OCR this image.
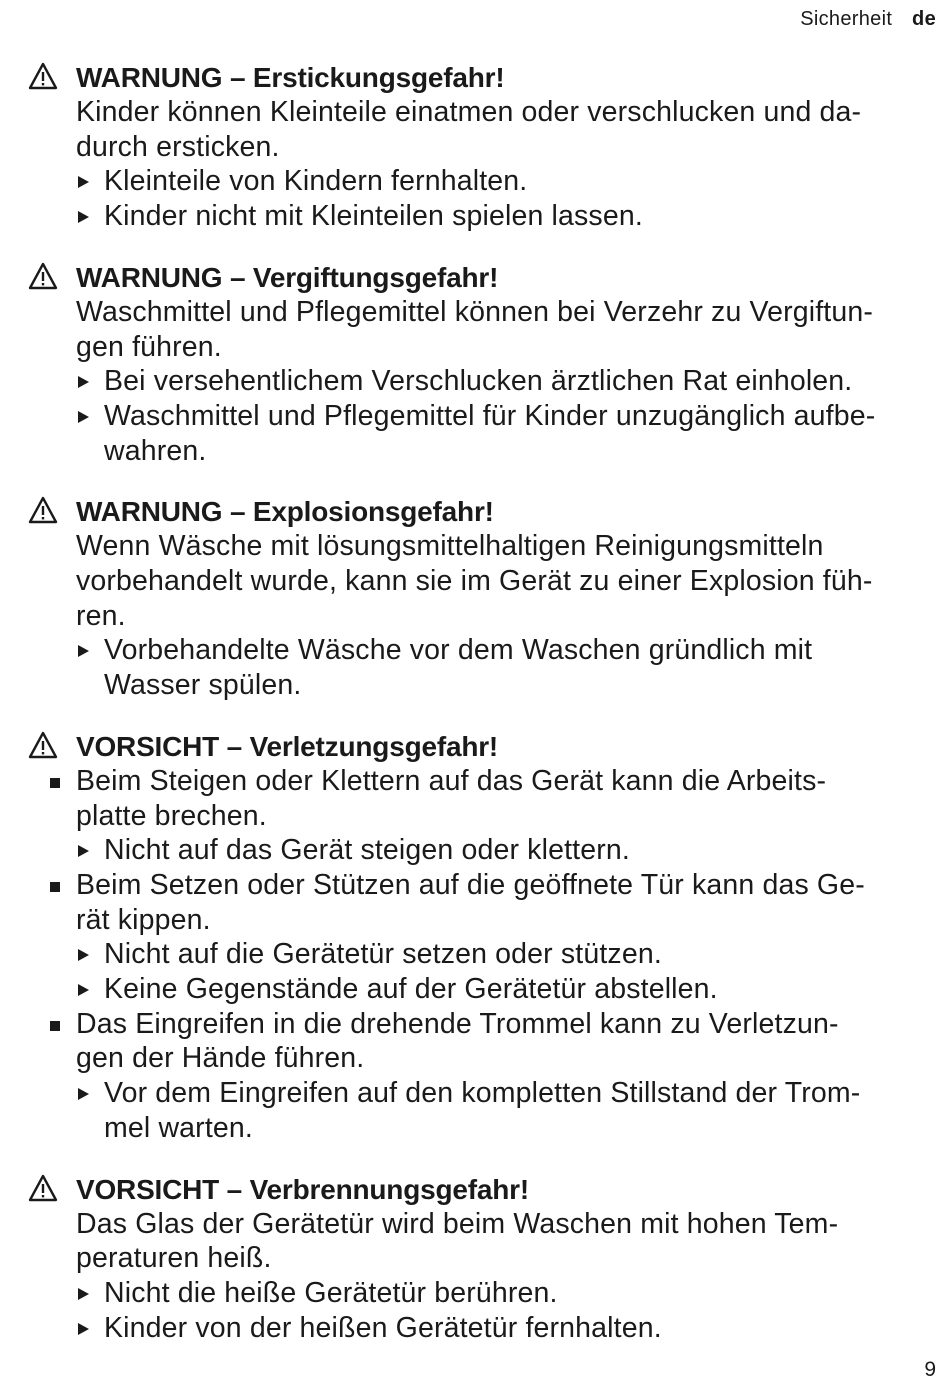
Sicherheit de
WARNUNG – Erstickungsgefahr!
Kinder können Kleinteile einatmen oder verschlucken und da-
durch ersticken.
Kleinteile von Kindern fernhalten.
Kinder nicht mit Kleinteilen spielen lassen.
WARNUNG – Vergiftungsgefahr!
Waschmittel und Pflegemittel können bei Verzehr zu Vergiftun-
gen führen.
Bei versehentlichem Verschlucken ärztlichen Rat einholen.
Waschmittel und Pflegemittel für Kinder unzugänglich aufbe-
wahren.
WARNUNG – Explosionsgefahr!
Wenn Wäsche mit lösungsmittelhaltigen Reinigungsmitteln
vorbehandelt wurde, kann sie im Gerät zu einer Explosion füh-
ren.
Vorbehandelte Wäsche vor dem Waschen gründlich mit
Wasser spülen.
VORSICHT – Verletzungsgefahr!
Beim Steigen oder Klettern auf das Gerät kann die Arbeits-
platte brechen.
Nicht auf das Gerät steigen oder klettern.
Beim Setzen oder Stützen auf die geöffnete Tür kann das Ge-
rät kippen.
Nicht auf die Gerätetür setzen oder stützen.
Keine Gegenstände auf der Gerätetür abstellen.
Das Eingreifen in die drehende Trommel kann zu Verletzun-
gen der Hände führen.
Vor dem Eingreifen auf den kompletten Stillstand der Trom-
mel warten.
VORSICHT – Verbrennungsgefahr!
Das Glas der Gerätetür wird beim Waschen mit hohen Tem-
peraturen heiß.
Nicht die heiße Gerätetür berühren.
Kinder von der heißen Gerätetür fernhalten.
9
